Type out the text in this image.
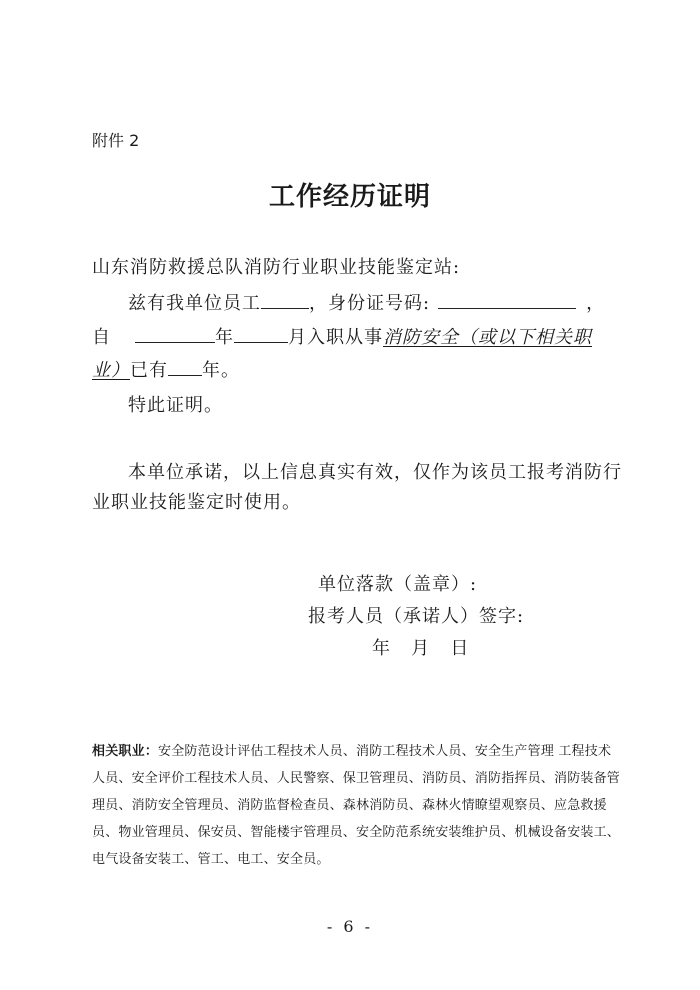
附件 2
工作经历证明
山东消防救援总队消防行业职业技能鉴定站:
兹有我单位员工	，身份证号码:	，
自	年	月入职从事消防安全（或以下相关职
业）已有 年。
特此证明。
本单位承诺，以上信息真实有效，仅作为该员工报考消防行
业职业技能鉴定时使用。
单位落款（盖章）:
报考人员（承诺人）签字:
年   月   日
相关职业：安全防范设计评估工程技术人员、消防工程技术人员、安全生产管理 工程技术人员、安全评价工程技术人员、人民警察、保卫管理员、消防员、消防指挥员、消防装备管理员、消防安全管理员、消防监督检查员、森林消防员、森林火情瞭望观察员、应急救援员、物业管理员、保安员、智能楼宇管理员、安全防范系统安装维护员、机械设备安装工、电气设备安装工、管工、电工、安全员。
- 6 -
